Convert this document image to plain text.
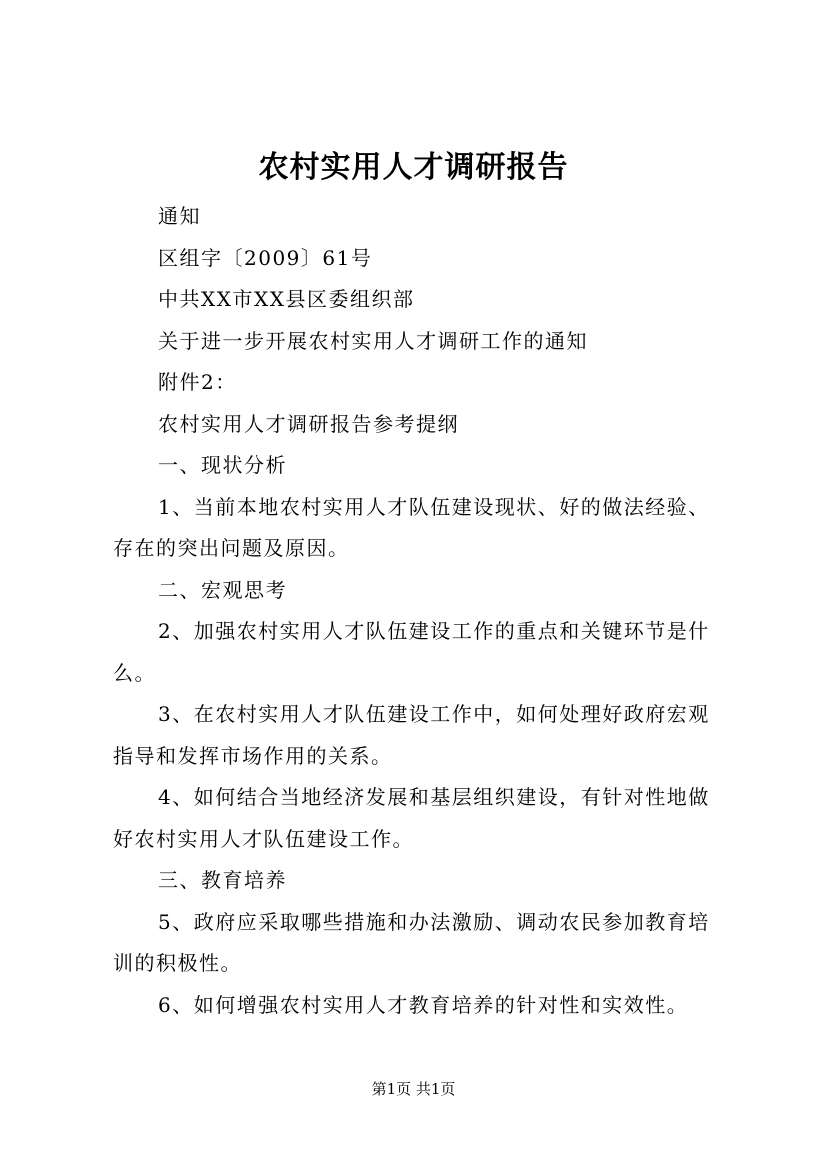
农村实用人才调研报告

通知

区组字〔2009〕61号

中共XX市XX县区委组织部

关于进一步开展农村实用人才调研工作的通知

附件2：

农村实用人才调研报告参考提纲

一、现状分析

1、当前本地农村实用人才队伍建设现状、好的做法经验、存在的突出问题及原因。

二、宏观思考

2、加强农村实用人才队伍建设工作的重点和关键环节是什么。

3、在农村实用人才队伍建设工作中，如何处理好政府宏观指导和发挥市场作用的关系。

4、如何结合当地经济发展和基层组织建设，有针对性地做好农村实用人才队伍建设工作。

三、教育培养

5、政府应采取哪些措施和办法激励、调动农民参加教育培训的积极性。

6、如何增强农村实用人才教育培养的针对性和实效性。

第1页 共1页
